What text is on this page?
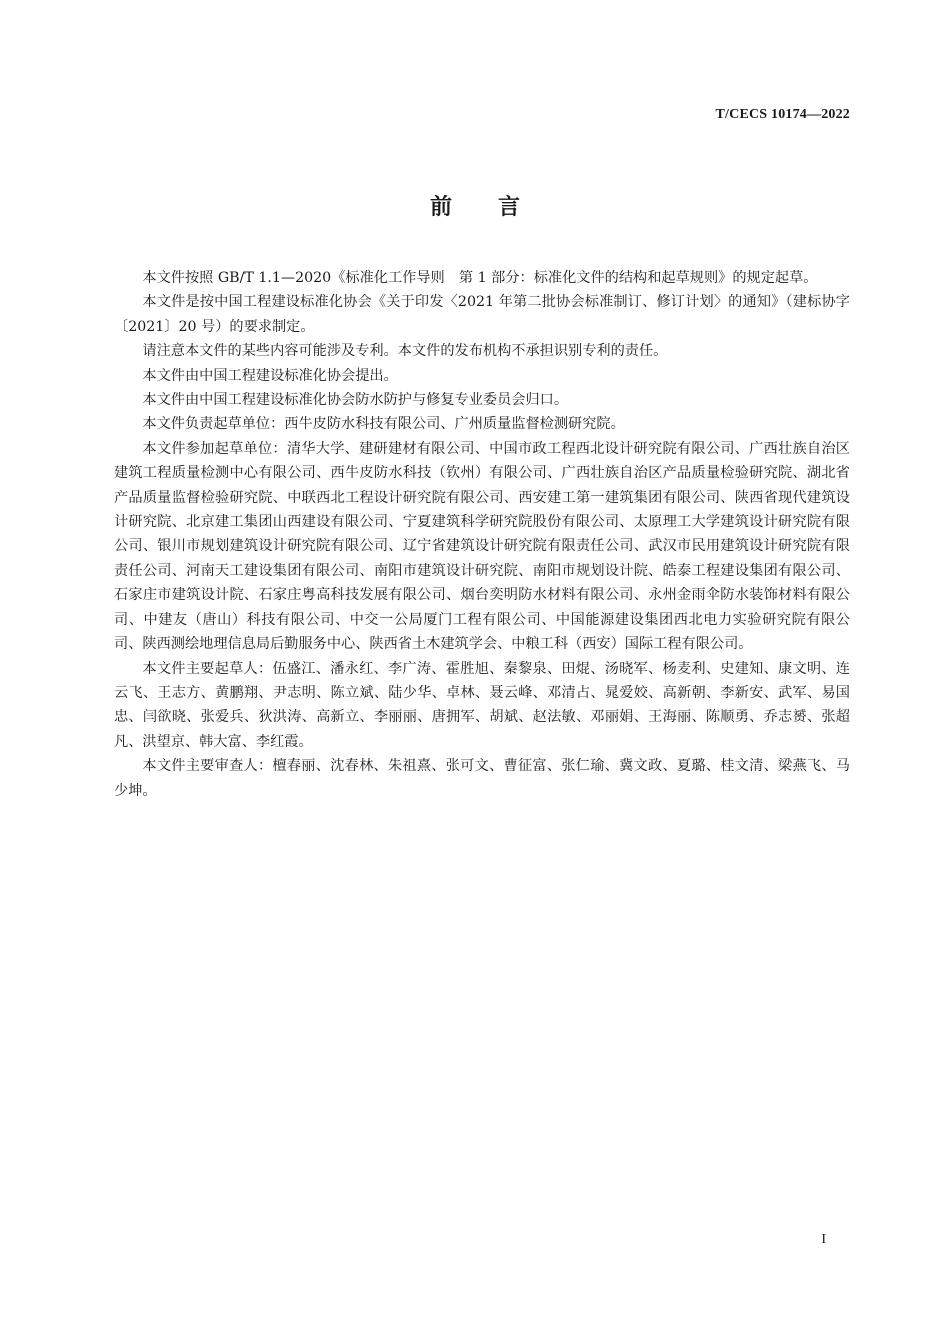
T/CECS 10174—2022
前言

本文件按照 GB/T 1.1—2020《标准化工作导则　第 1 部分：标准化文件的结构和起草规则》的规定起草。

本文件是按中国工程建设标准化协会《关于印发〈2021 年第二批协会标准制订、修订计划〉的通知》（建标协字〔2021〕20 号）的要求制定。

请注意本文件的某些内容可能涉及专利。本文件的发布机构不承担识别专利的责任。

本文件由中国工程建设标准化协会提出。

本文件由中国工程建设标准化协会防水防护与修复专业委员会归口。

本文件负责起草单位：西牛皮防水科技有限公司、广州质量监督检测研究院。

本文件参加起草单位：清华大学、建研建材有限公司、中国市政工程西北设计研究院有限公司、广西壮族自治区建筑工程质量检测中心有限公司、西牛皮防水科技（钦州）有限公司、广西壮族自治区产品质量检验研究院、湖北省产品质量监督检验研究院、中联西北工程设计研究院有限公司、西安建工第一建筑集团有限公司、陕西省现代建筑设计研究院、北京建工集团山西建设有限公司、宁夏建筑科学研究院股份有限公司、太原理工大学建筑设计研究院有限公司、银川市规划建筑设计研究院有限公司、辽宁省建筑设计研究院有限责任公司、武汉市民用建筑设计研究院有限责任公司、河南天工建设集团有限公司、南阳市建筑设计研究院、南阳市规划设计院、皓泰工程建设集团有限公司、石家庄市建筑设计院、石家庄粤高科技发展有限公司、烟台奕明防水材料有限公司、永州金雨伞防水装饰材料有限公司、中建友（唐山）科技有限公司、中交一公局厦门工程有限公司、中国能源建设集团西北电力实验研究院有限公司、陕西测绘地理信息局后勤服务中心、陕西省土木建筑学会、中粮工科（西安）国际工程有限公司。

本文件主要起草人：伍盛江、潘永红、李广涛、霍胜旭、秦黎泉、田焜、汤晓军、杨麦利、史建知、康文明、连云飞、王志方、黄鹏翔、尹志明、陈立斌、陆少华、卓林、聂云峰、邓清占、晁爱姣、高新朝、李新安、武军、易国忠、闫欲晓、张爱兵、狄洪涛、高新立、李丽丽、唐拥军、胡斌、赵法敏、邓丽娟、王海丽、陈顺勇、乔志赟、张超凡、洪望京、韩大富、李红霞。

本文件主要审查人：檀春丽、沈春林、朱祖熹、张可文、曹征富、张仁瑜、冀文政、夏璐、桂文清、梁燕飞、马少坤。

I
